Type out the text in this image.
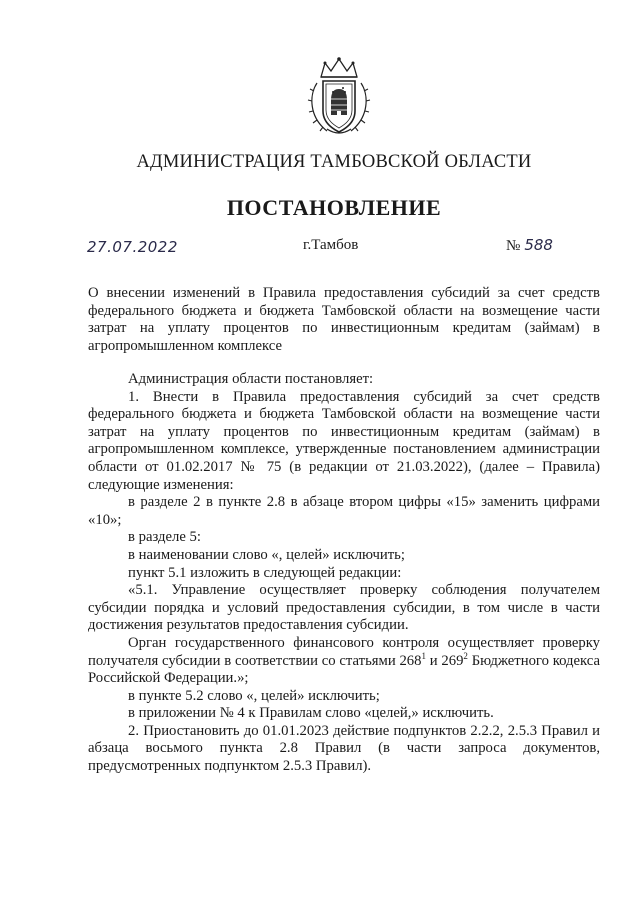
АДМИНИСТРАЦИЯ ТАМБОВСКОЙ ОБЛАСТИ
ПОСТАНОВЛЕНИЕ
27.07.2022	г.Тамбов	№ 588
О внесении изменений в Правила предоставления субсидий за счет средств федерального бюджета и бюджета Тамбовской области на возмещение части затрат на уплату процентов по инвестиционным кредитам (займам) в агропромышленном комплексе

Администрация области постановляет:

1. Внести в Правила предоставления субсидий за счет средств федерального бюджета и бюджета Тамбовской области на возмещение части затрат на уплату процентов по инвестиционным кредитам (займам) в агропромышленном комплексе, утвержденные постановлением администрации области от 01.02.2017 № 75 (в редакции от 21.03.2022), (далее – Правила) следующие изменения:

в разделе 2 в пункте 2.8 в абзаце втором цифры «15» заменить цифрами «10»;

в разделе 5:

в наименовании слово «, целей» исключить;

пункт 5.1 изложить в следующей редакции:

«5.1. Управление осуществляет проверку соблюдения получателем субсидии порядка и условий предоставления субсидии, в том числе в части достижения результатов предоставления субсидии.

Орган государственного финансового контроля осуществляет проверку получателя субсидии в соответствии со статьями $268^1$ и $269^2$ Бюджетного кодекса Российской Федерации.»;

в пункте 5.2 слово «, целей» исключить;

в приложении № 4 к Правилам слово «целей,» исключить.

2. Приостановить до 01.01.2023 действие подпунктов 2.2.2, 2.5.3 Правил и абзаца восьмого пункта 2.8 Правил (в части запроса документов, предусмотренных подпунктом 2.5.3 Правил).
